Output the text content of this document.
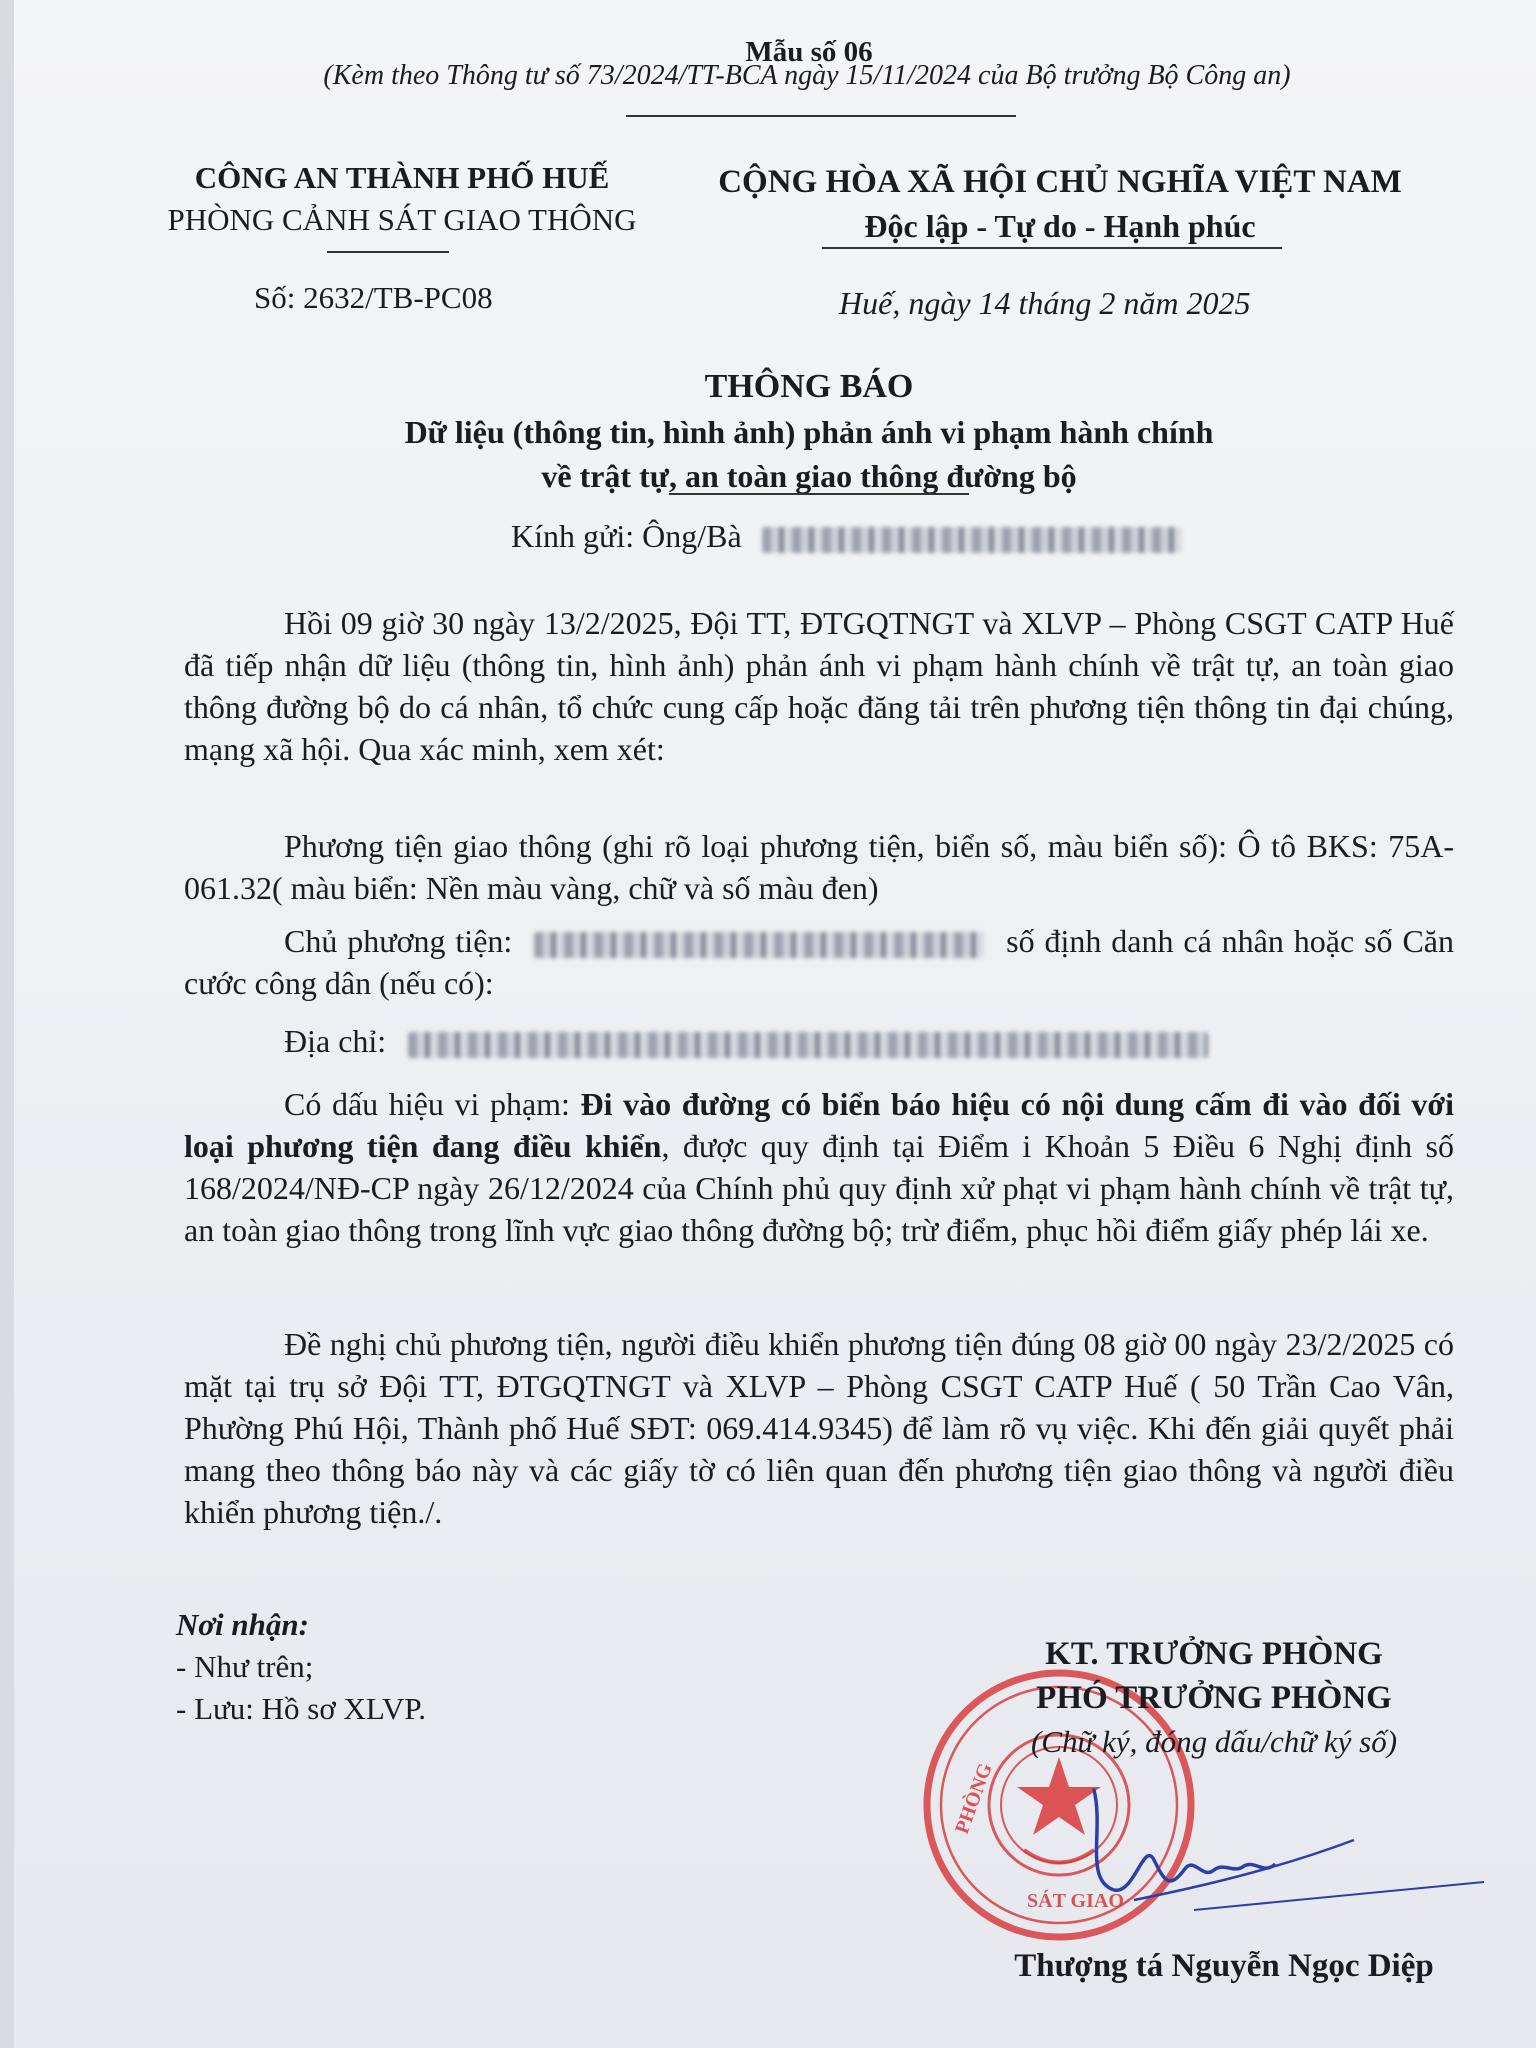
Mẫu số 06
(Kèm theo Thông tư số 73/2024/TT-BCA ngày 15/11/2024 của Bộ trưởng Bộ Công an)
CÔNG AN THÀNH PHỐ HUẾ
PHÒNG CẢNH SÁT GIAO THÔNG
CỘNG HÒA XÃ HỘI CHỦ NGHĨA VIỆT NAM
Độc lập - Tự do - Hạnh phúc
Số: 2632/TB-PC08	Huế, ngày 14 tháng 2 năm 2025
THÔNG BÁO
Dữ liệu (thông tin, hình ảnh) phản ánh vi phạm hành chính
về trật tự, an toàn giao thông đường bộ
Kính gửi: Ông/Bà
Hồi 09 giờ 30 ngày 13/2/2025, Đội TT, ĐTGQTNGT và XLVP – Phòng CSGT CATP Huế đã tiếp nhận dữ liệu (thông tin, hình ảnh) phản ánh vi phạm hành chính về trật tự, an toàn giao thông đường bộ do cá nhân, tổ chức cung cấp hoặc đăng tải trên phương tiện thông tin đại chúng, mạng xã hội. Qua xác minh, xem xét:
Phương tiện giao thông (ghi rõ loại phương tiện, biển số, màu biển số): Ô tô BKS: 75A-061.32( màu biển: Nền màu vàng, chữ và số màu đen)
Chủ phương tiện:	số định danh cá nhân hoặc số Căn cước công dân (nếu có):
Địa chỉ:
Có dấu hiệu vi phạm: Đi vào đường có biển báo hiệu có nội dung cấm đi vào đối với loại phương tiện đang điều khiển, được quy định tại Điểm i Khoản 5 Điều 6 Nghị định số 168/2024/NĐ-CP ngày 26/12/2024 của Chính phủ quy định xử phạt vi phạm hành chính về trật tự, an toàn giao thông trong lĩnh vực giao thông đường bộ; trừ điểm, phục hồi điểm giấy phép lái xe.
Đề nghị chủ phương tiện, người điều khiển phương tiện đúng 08 giờ 00 ngày 23/2/2025 có mặt tại trụ sở Đội TT, ĐTGQTNGT và XLVP – Phòng CSGT CATP Huế ( 50 Trần Cao Vân, Phường Phú Hội, Thành phố Huế SĐT: 069.414.9345) để làm rõ vụ việc. Khi đến giải quyết phải mang theo thông báo này và các giấy tờ có liên quan đến phương tiện giao thông và người điều khiển phương tiện./.
Nơi nhận:
- Như trên;
- Lưu: Hồ sơ XLVP.
PHÒNG
SÁT GIAO
KT. TRƯỞNG PHÒNG
PHÓ TRƯỞNG PHÒNG
(Chữ ký, đóng dấu/chữ ký số)
Thượng tá Nguyễn Ngọc Diệp
